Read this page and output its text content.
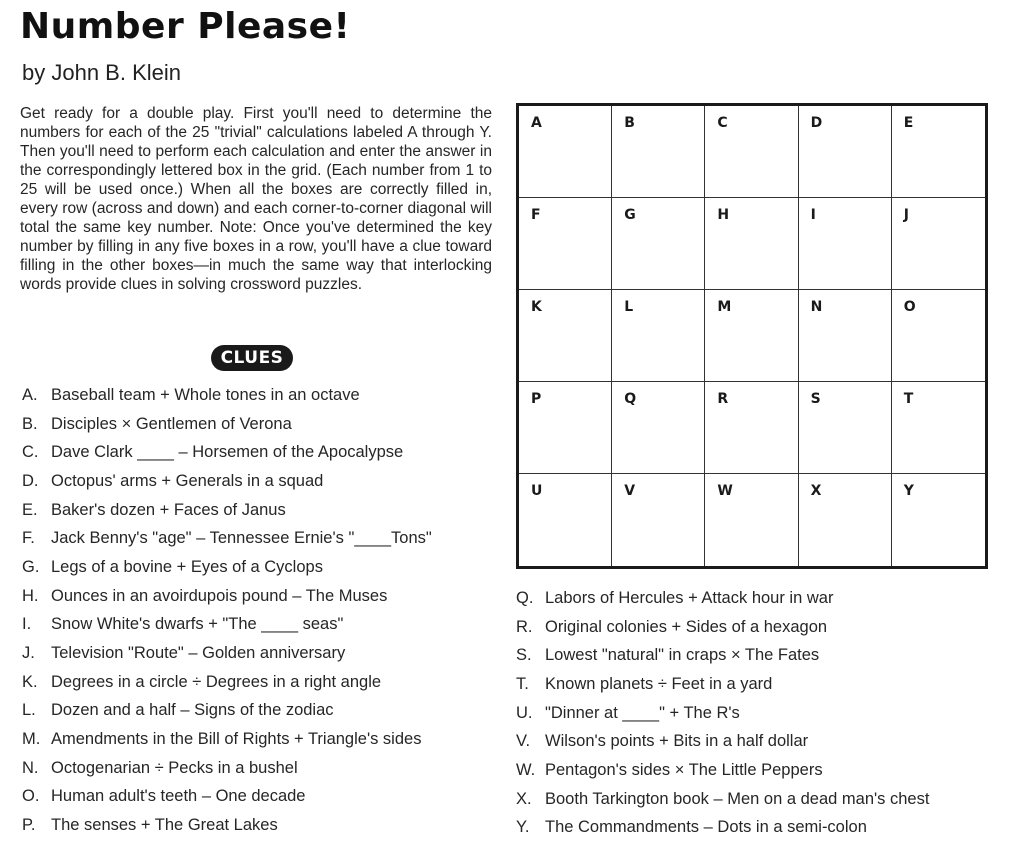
Number Please!
by John B. Klein
Get ready for a double play. First you'll need to determine the numbers for each of the 25 "trivial" calculations labeled A through Y. Then you'll need to perform each calculation and enter the answer in the correspondingly lettered box in the grid. (Each number from 1 to 25 will be used once.) When all the boxes are correctly filled in, every row (across and down) and each corner-to-corner diagonal will total the same key number. Note: Once you've determined the key number by filling in any five boxes in a row, you'll have a clue toward filling in the other boxes—in much the same way that interlocking words provide clues in solving crossword puzzles.
CLUES
A. Baseball team + Whole tones in an octave
B. Disciples × Gentlemen of Verona
C. Dave Clark ____ – Horsemen of the Apocalypse
D. Octopus' arms + Generals in a squad
E. Baker's dozen + Faces of Janus
F. Jack Benny's "age" – Tennessee Ernie's "____Tons"
G. Legs of a bovine + Eyes of a Cyclops
H. Ounces in an avoirdupois pound – The Muses
I.	Snow White's dwarfs + "The ____ seas"
J. Television "Route" – Golden anniversary
K. Degrees in a circle ÷ Degrees in a right angle
L. Dozen and a half – Signs of the zodiac
M. Amendments in the Bill of Rights + Triangle's sides
N. Octogenarian ÷ Pecks in a bushel
O. Human adult's teeth – One decade
P. The senses + The Great Lakes
A	B	C	D	E
F	G	H	I	J
K	L	M	N	O
P	Q	R	S	T
U	V	W	X	Y
Q. Labors of Hercules + Attack hour in war
R. Original colonies + Sides of a hexagon
S. Lowest "natural" in craps × The Fates
T. Known planets ÷ Feet in a yard
U. "Dinner at ____" + The R's
V. Wilson's points + Bits in a half dollar
W. Pentagon's sides × The Little Peppers
X. Booth Tarkington book – Men on a dead man's chest
Y. The Commandments – Dots in a semi-colon
